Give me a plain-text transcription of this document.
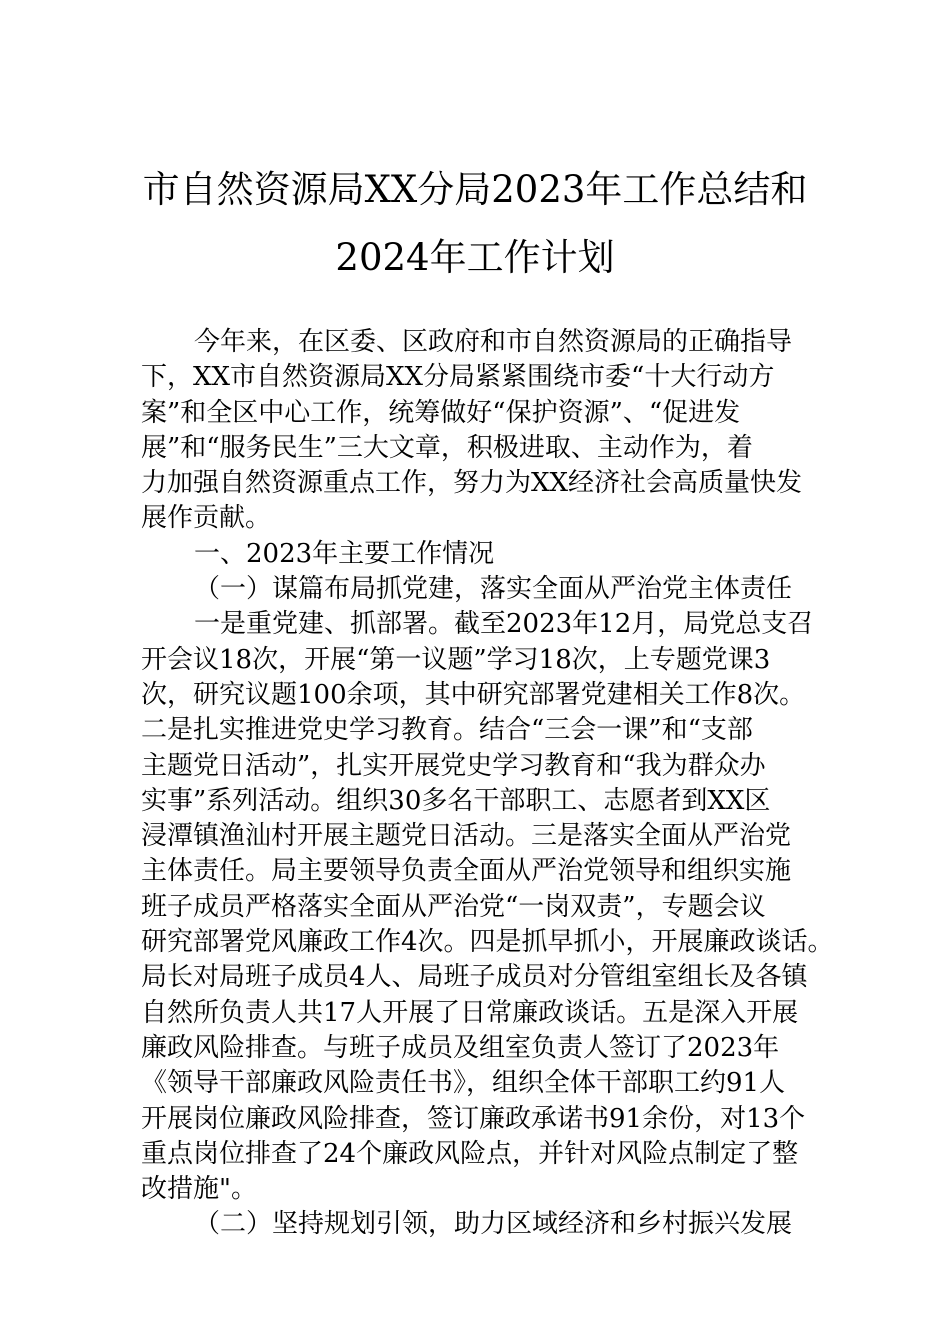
市自然资源局XX分局2023年工作总结和
2024年工作计划
今年来，在区委、区政府和市自然资源局的正确指导
下，XX市自然资源局XX分局紧紧围绕市委“十大行动方
案”和全区中心工作，统筹做好“保护资源”、“促进发
展”和“服务民生”三大文章，积极进取、主动作为，着
力加强自然资源重点工作，努力为XX经济社会高质量快发
展作贡献。
一、2023年主要工作情况
（一）谋篇布局抓党建，落实全面从严治党主体责任
一是重党建、抓部署。截至2023年12月，局党总支召
开会议18次，开展“第一议题”学习18次，上专题党课3
次，研究议题100余项，其中研究部署党建相关工作8次。
二是扎实推进党史学习教育。结合“三会一课”和“支部
主题党日活动”，扎实开展党史学习教育和“我为群众办
实事”系列活动。组织30多名干部职工、志愿者到XX区
浸潭镇渔汕村开展主题党日活动。三是落实全面从严治党
主体责任。局主要领导负责全面从严治党领导和组织实施
班子成员严格落实全面从严治党“一岗双责”，专题会议
研究部署党风廉政工作4次。四是抓早抓小，开展廉政谈话。
局长对局班子成员4人、局班子成员对分管组室组长及各镇
自然所负责人共17人开展了日常廉政谈话。五是深入开展
廉政风险排查。与班子成员及组室负责人签订了2023年
《领导干部廉政风险责任书》，组织全体干部职工约91人
开展岗位廉政风险排查，签订廉政承诺书91余份，对13个
重点岗位排查了24个廉政风险点，并针对风险点制定了整
改措施"。
（二）坚持规划引领，助力区域经济和乡村振兴发展
